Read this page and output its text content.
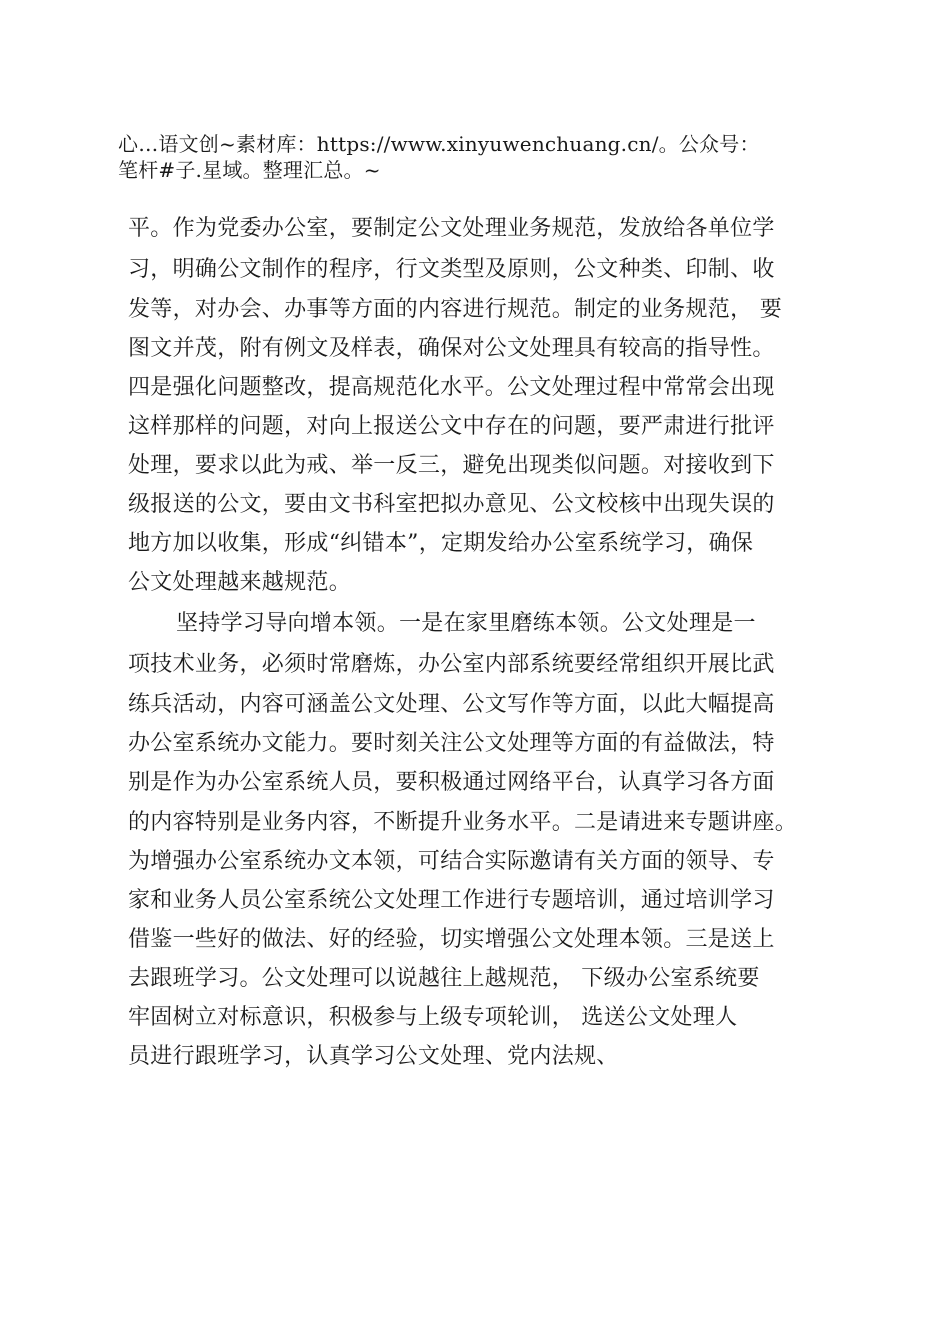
心…语文创~素材库：https://www.xinyuwenchuang.cn/。公众号：
笔杆#子.星域。整理汇总。~
平。作为党委办公室，要制定公文处理业务规范，发放给各单位学
习，明确公文制作的程序，行文类型及原则，公文种类、印制、收
发等，对办会、办事等方面的内容进行规范。制定的业务规范， 要
图文并茂，附有例文及样表，确保对公文处理具有较高的指导性。
四是强化问题整改，提高规范化水平。公文处理过程中常常会出现
这样那样的问题，对向上报送公文中存在的问题，要严肃进行批评
处理，要求以此为戒、举一反三，避免出现类似问题。对接收到下
级报送的公文，要由文书科室把拟办意见、公文校核中出现失误的
地方加以收集，形成“纠错本”，定期发给办公室系统学习，确保
公文处理越来越规范。
坚持学习导向增本领。一是在家里磨练本领。公文处理是一
项技术业务，必须时常磨炼，办公室内部系统要经常组织开展比武
练兵活动，内容可涵盖公文处理、公文写作等方面，以此大幅提高
办公室系统办文能力。要时刻关注公文处理等方面的有益做法，特
别是作为办公室系统人员，要积极通过网络平台，认真学习各方面
的内容特别是业务内容，不断提升业务水平。二是请进来专题讲座。
为增强办公室系统办文本领，可结合实际邀请有关方面的领导、专
家和业务人员公室系统公文处理工作进行专题培训，通过培训学习
借鉴一些好的做法、好的经验，切实增强公文处理本领。三是送上
去跟班学习。公文处理可以说越往上越规范， 下级办公室系统要
牢固树立对标意识，积极参与上级专项轮训， 选送公文处理人
员进行跟班学习，认真学习公文处理、党内法规、
